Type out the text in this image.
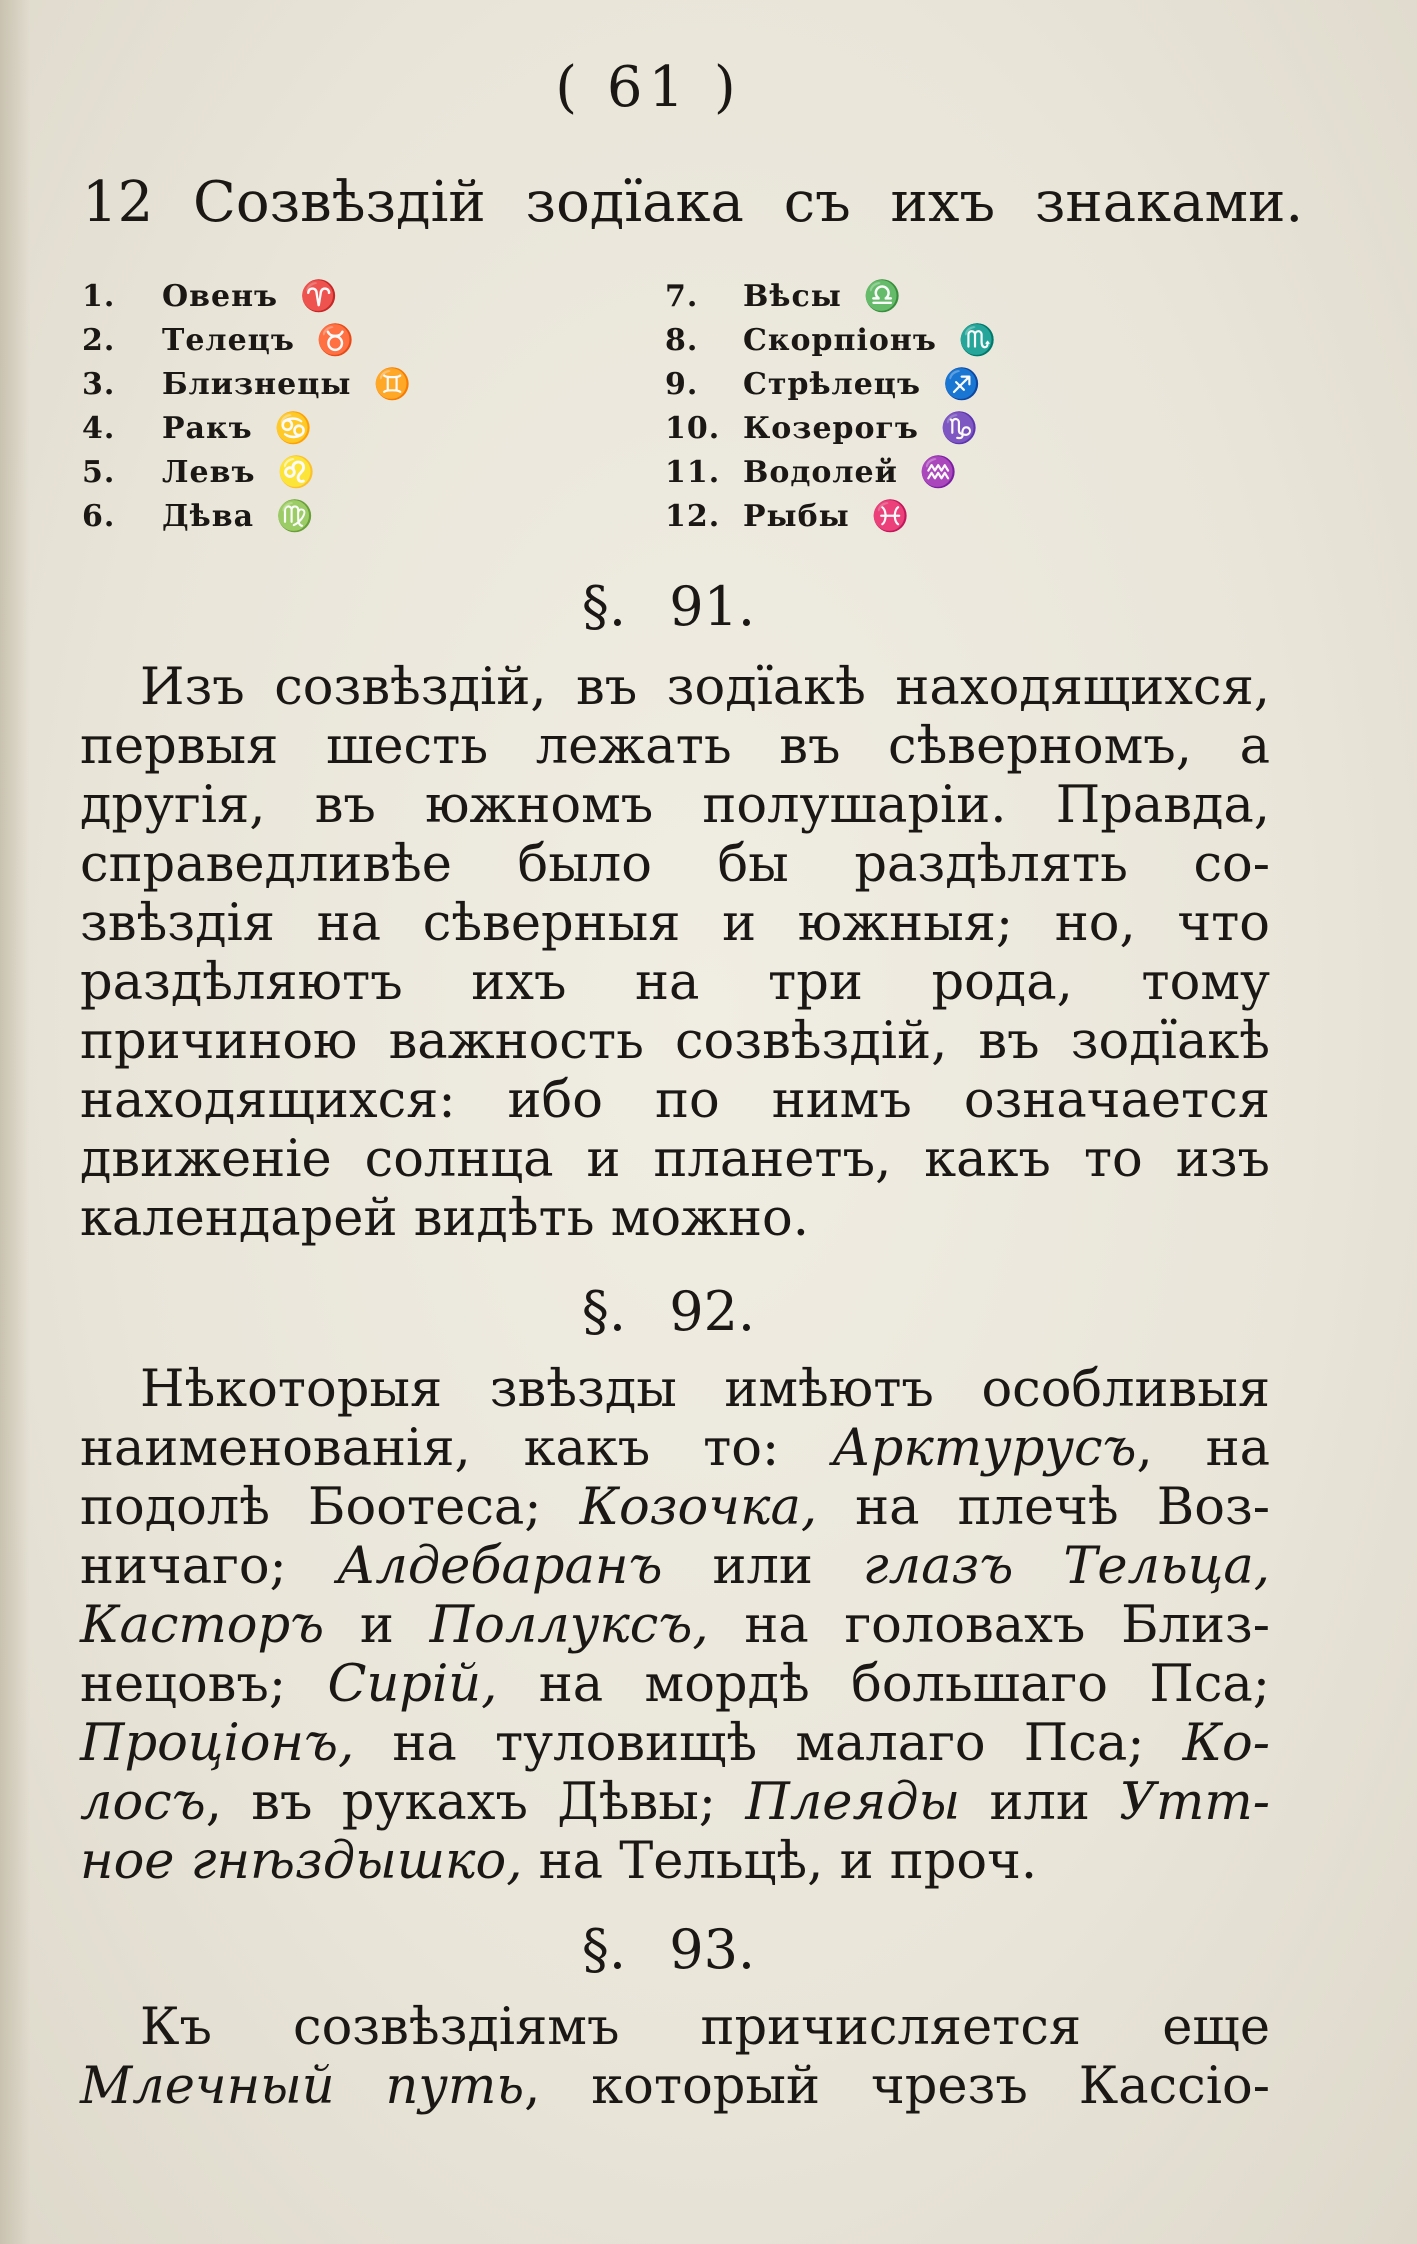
( 61 )
12 Созвѣздій зодїака съ ихъ знаками.
1. Овенъ ♈
2. Телецъ ♉
3. Близнецы ♊
4. Ракъ ♋
5. Левъ ♌
6. Дѣва ♍
7. Вѣсы ♎
8. Скорпіонъ ♏
9. Стрѣлецъ ♐
10. Козерогъ ♑
11. Водолей ♒
12. Рыбы ♓
§. 91.
Изъ созвѣздій, въ зодїакѣ находящихся,
первыя шесть лежать въ сѣверномъ, а
другія, въ южномъ полушаріи. Правда,
справедливѣе было бы раздѣлять со-
звѣздія на сѣверныя и южныя; но, что
раздѣляютъ ихъ на три рода, тому
причиною важность созвѣздій, въ зодїакѣ
находящихся: ибо по нимъ означается
движеніе солнца и планетъ, какъ то изъ
календарей видѣть можно.
§. 92.
Нѣкоторыя звѣзды имѣютъ особливыя
наименованія, какъ то: Арктурусъ, на
подолѣ Боотеса; Козочка, на плечѣ Воз-
ничаго; Алдебаранъ или глазъ Тельца,
Касторъ и Поллуксъ, на головахъ Близ-
нецовъ; Сирій, на мордѣ большаго Пса;
Проціонъ, на туловищѣ малаго Пса; Ко-
лосъ, въ рукахъ Дѣвы; Плеяды или Утт-
ное гнѣздышко, на Тельцѣ, и проч.
§. 93.
Къ созвѣздіямъ причисляется еще
Млечный путь, который чрезъ Кассіо-
